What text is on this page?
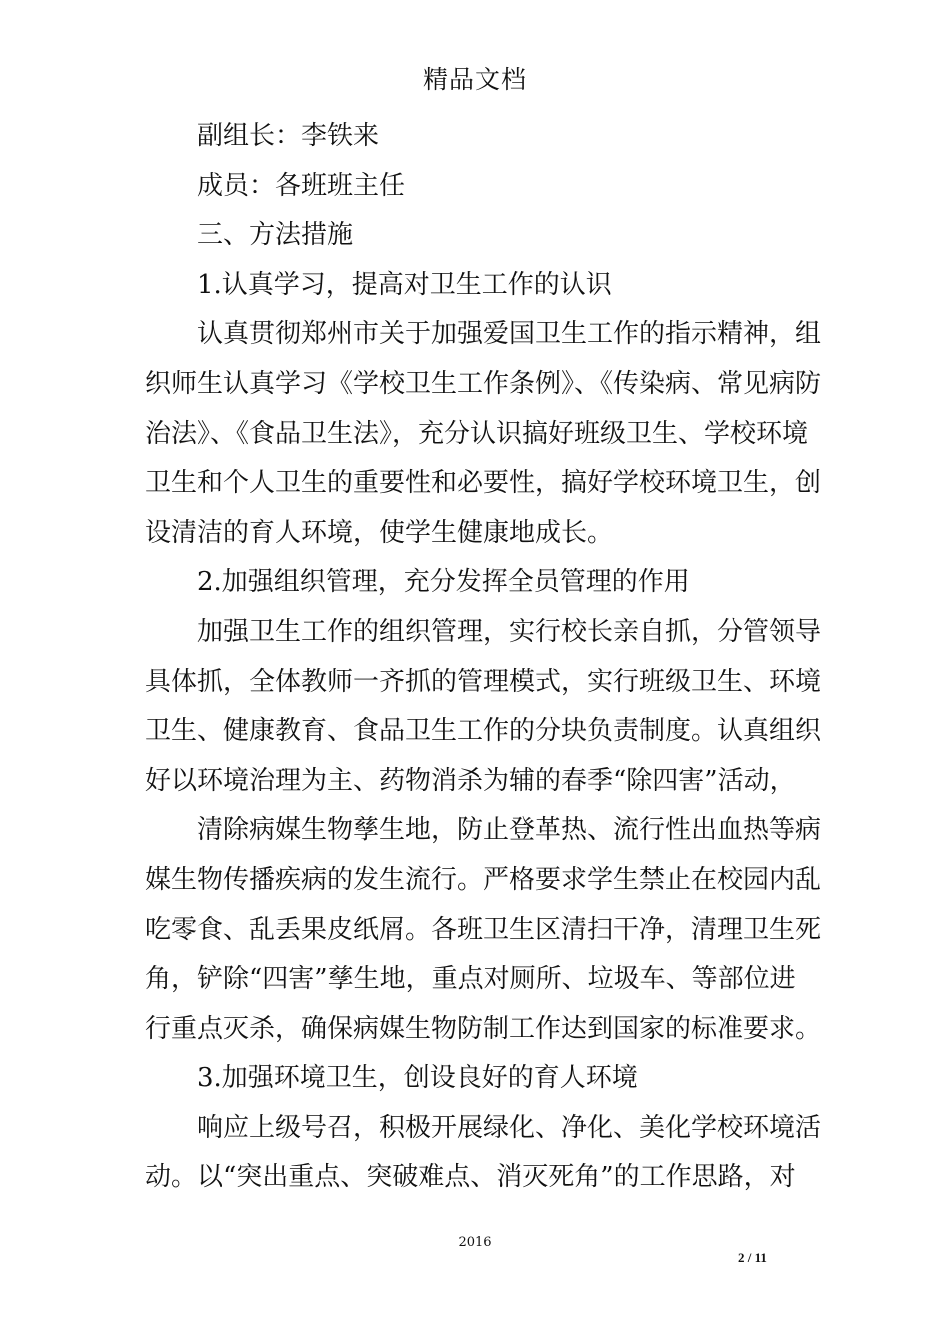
精品文档
副组长：李铁来
成员：各班班主任
三、方法措施
1.认真学习，提高对卫生工作的认识
认真贯彻郑州市关于加强爱国卫生工作的指示精神，组
织师生认真学习《学校卫生工作条例》、《传染病、常见病防
治法》、《食品卫生法》，充分认识搞好班级卫生、学校环境
卫生和个人卫生的重要性和必要性，搞好学校环境卫生，创
设清洁的育人环境，使学生健康地成长。
2.加强组织管理，充分发挥全员管理的作用
加强卫生工作的组织管理，实行校长亲自抓，分管领导
具体抓，全体教师一齐抓的管理模式，实行班级卫生、环境
卫生、健康教育、食品卫生工作的分块负责制度。认真组织
好以环境治理为主、药物消杀为辅的春季“除四害”活动，
清除病媒生物孳生地，防止登革热、流行性出血热等病
媒生物传播疾病的发生流行。严格要求学生禁止在校园内乱
吃零食、乱丢果皮纸屑。各班卫生区清扫干净，清理卫生死
角，铲除“四害”孳生地，重点对厕所、垃圾车、等部位进
行重点灭杀，确保病媒生物防制工作达到国家的标准要求。
3.加强环境卫生，创设良好的育人环境
响应上级号召，积极开展绿化、净化、美化学校环境活
动。以“突出重点、突破难点、消灭死角”的工作思路，对
2016
2 / 11
